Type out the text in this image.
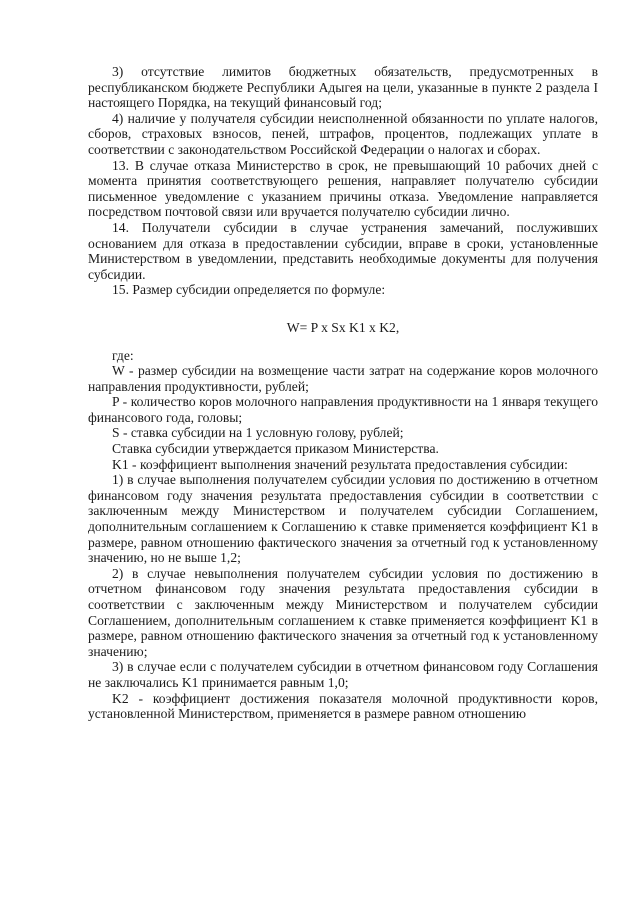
3) отсутствие лимитов бюджетных обязательств, предусмотренных в республиканском бюджете Республики Адыгея на цели, указанные в пункте 2 раздела I настоящего Порядка, на текущий финансовый год;

4) наличие у получателя субсидии неисполненной обязанности по уплате налогов, сборов, страховых взносов, пеней, штрафов, процентов, подлежащих уплате в соответствии с законодательством Российской Федерации о налогах и сборах.

13. В случае отказа Министерство в срок, не превышающий 10 рабочих дней с момента принятия соответствующего решения, направляет получателю субсидии письменное уведомление с указанием причины отказа. Уведомление направляется посредством почтовой связи или вручается получателю субсидии лично.

14. Получатели субсидии в случае устранения замечаний, послуживших основанием для отказа в предоставлении субсидии, вправе в сроки, установленные Министерством в уведомлении, представить необходимые документы для получения субсидии.

15. Размер субсидии определяется по формуле:

W= P x Sx K1 x K2,

где:

W - размер субсидии на возмещение части затрат на содержание коров молочного направления продуктивности, рублей;

P - количество коров молочного направления продуктивности на 1 января текущего финансового года, головы;

S - ставка субсидии на 1 условную голову, рублей;

Ставка субсидии утверждается приказом Министерства.

K1 - коэффициент выполнения значений результата предоставления субсидии:

1) в случае выполнения получателем субсидии условия по достижению в отчетном финансовом году значения результата предоставления субсидии в соответствии с заключенным между Министерством и получателем субсидии Соглашением, дополнительным соглашением к Соглашению к ставке применяется коэффициент K1 в размере, равном отношению фактического значения за отчетный год к установленному значению, но не выше 1,2;

2) в случае невыполнения получателем субсидии условия по достижению в отчетном финансовом году значения результата предоставления субсидии в соответствии с заключенным между Министерством и получателем субсидии Соглашением, дополнительным соглашением к ставке применяется коэффициент K1 в размере, равном отношению фактического значения за отчетный год к установленному значению;

3) в случае если с получателем субсидии в отчетном финансовом году Соглашения не заключались K1 принимается равным 1,0;

K2 - коэффициент достижения показателя молочной продуктивности коров, установленной Министерством, применяется в размере равном отношению
